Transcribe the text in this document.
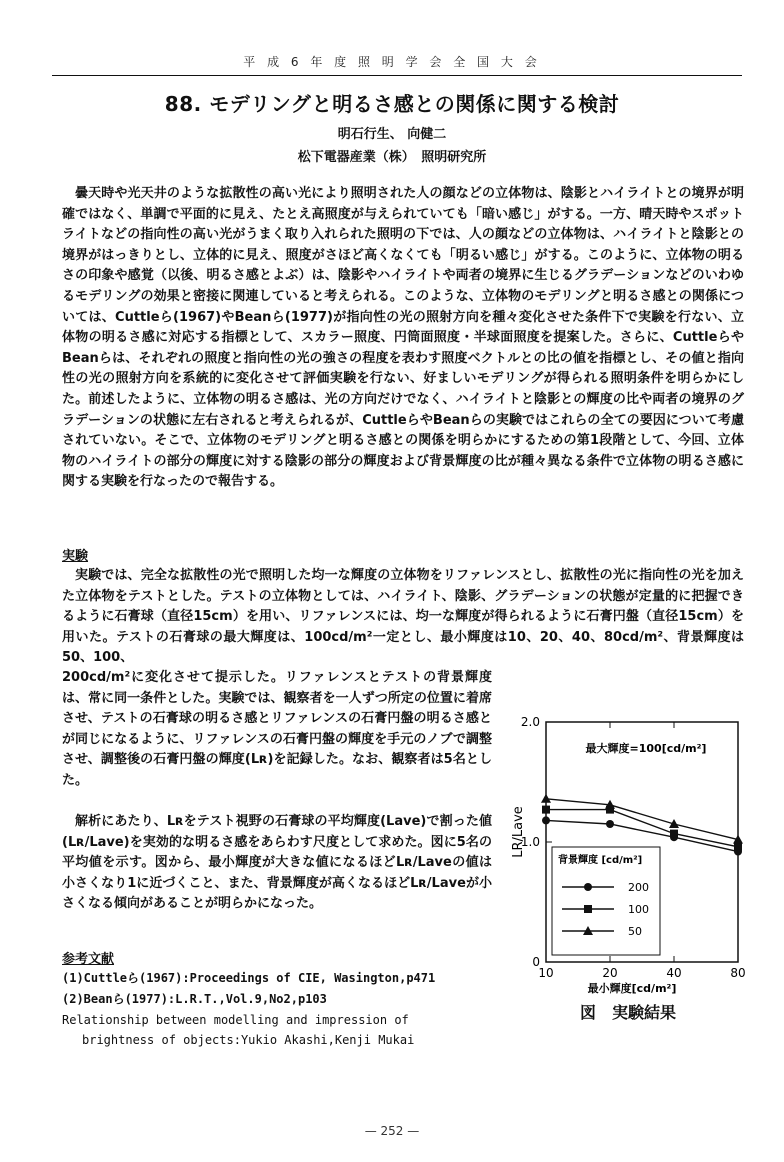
平 成 6 年 度 照 明 学 会 全 国 大 会
88. モデリングと明るさ感との関係に関する検討
明石行生、 向健二
松下電器産業（株）　照明研究所

曇天時や光天井のような拡散性の高い光により照明された人の顔などの立体物は、陰影とハイライトとの境界が明確ではなく、単調で平面的に見え、たとえ高照度が与えられていても「暗い感じ」がする。一方、晴天時やスポットライトなどの指向性の高い光がうまく取り入れられた照明の下では、人の顔などの立体物は、ハイライトと陰影との境界がはっきりとし、立体的に見え、照度がさほど高くなくても「明るい感じ」がする。このように、立体物の明るさの印象や感覚（以後、明るさ感とよぶ）は、陰影やハイライトや両者の境界に生じるグラデーションなどのいわゆるモデリングの効果と密接に関連していると考えられる。このような、立体物のモデリングと明るさ感との関係については、Cuttleら(1967)やBeanら(1977)が指向性の光の照射方向を種々変化させた条件下で実験を行ない、立体物の明るさ感に対応する指標として、スカラー照度、円筒面照度・半球面照度を提案した。さらに、CuttleらやBeanらは、それぞれの照度と指向性の光の強さの程度を表わす照度ベクトルとの比の値を指標とし、その値と指向性の光の照射方向を系統的に変化させて評価実験を行ない、好ましいモデリングが得られる照明条件を明らかにした。前述したように、立体物の明るさ感は、光の方向だけでなく、ハイライトと陰影との輝度の比や両者の境界のグラデーションの状態に左右されると考えられるが、CuttleらやBeanらの実験ではこれらの全ての要因について考慮されていない。そこで、立体物のモデリングと明るさ感との関係を明らかにするための第1段階として、今回、立体物のハイライトの部分の輝度に対する陰影の部分の輝度および背景輝度の比が種々異なる条件で立体物の明るさ感に関する実験を行なったので報告する。

実験

実験では、完全な拡散性の光で照明した均一な輝度の立体物をリファレンスとし、拡散性の光に指向性の光を加えた立体物をテストとした。テストの立体物としては、ハイライト、陰影、グラデーションの状態が定量的に把握できるように石膏球（直径15cm）を用い、リファレンスには、均一な輝度が得られるように石膏円盤（直径15cm）を用いた。テストの石膏球の最大輝度は、100cd/m²一定とし、最小輝度は10、20、40、80cd/m²、背景輝度は50、100、

200cd/m²に変化させて提示した。リファレンスとテストの背景輝度は、常に同一条件とした。実験では、観察者を一人ずつ所定の位置に着席させ、テストの石膏球の明るさ感とリファレンスの石膏円盤の明るさ感とが同じになるように、リファレンスの石膏円盤の輝度を手元のノブで調整させ、調整後の石膏円盤の輝度(Lʀ)を記録した。なお、観察者は5名とした。

解析にあたり、Lʀをテスト視野の石膏球の平均輝度(Lave)で割った値(Lʀ/Lave)を実効的な明るさ感をあらわす尺度として求めた。図に5名の平均値を示す。図から、最小輝度が大きな値になるほどLʀ/Laveの値は小さくなり1に近づくこと、また、背景輝度が高くなるほどLʀ/Laveが小さくなる傾向があることが明らかになった。

参考文献
(1)Cuttleら(1967):Proceedings of CIE, Wasington,p471
(2)Beanら(1977):L.R.T.,Vol.9,No2,p103
Relationship between modelling and impression of
brightness of objects:Yukio Akashi,Kenji Mukai
10	20	40	80
0
1.0
2.0
LR/Lave
最大輝度=100[cd/m²]
最小輝度[cd/m²]
背景輝度 [cd/m²]
200
100
50
図　実験結果
— 252 —
